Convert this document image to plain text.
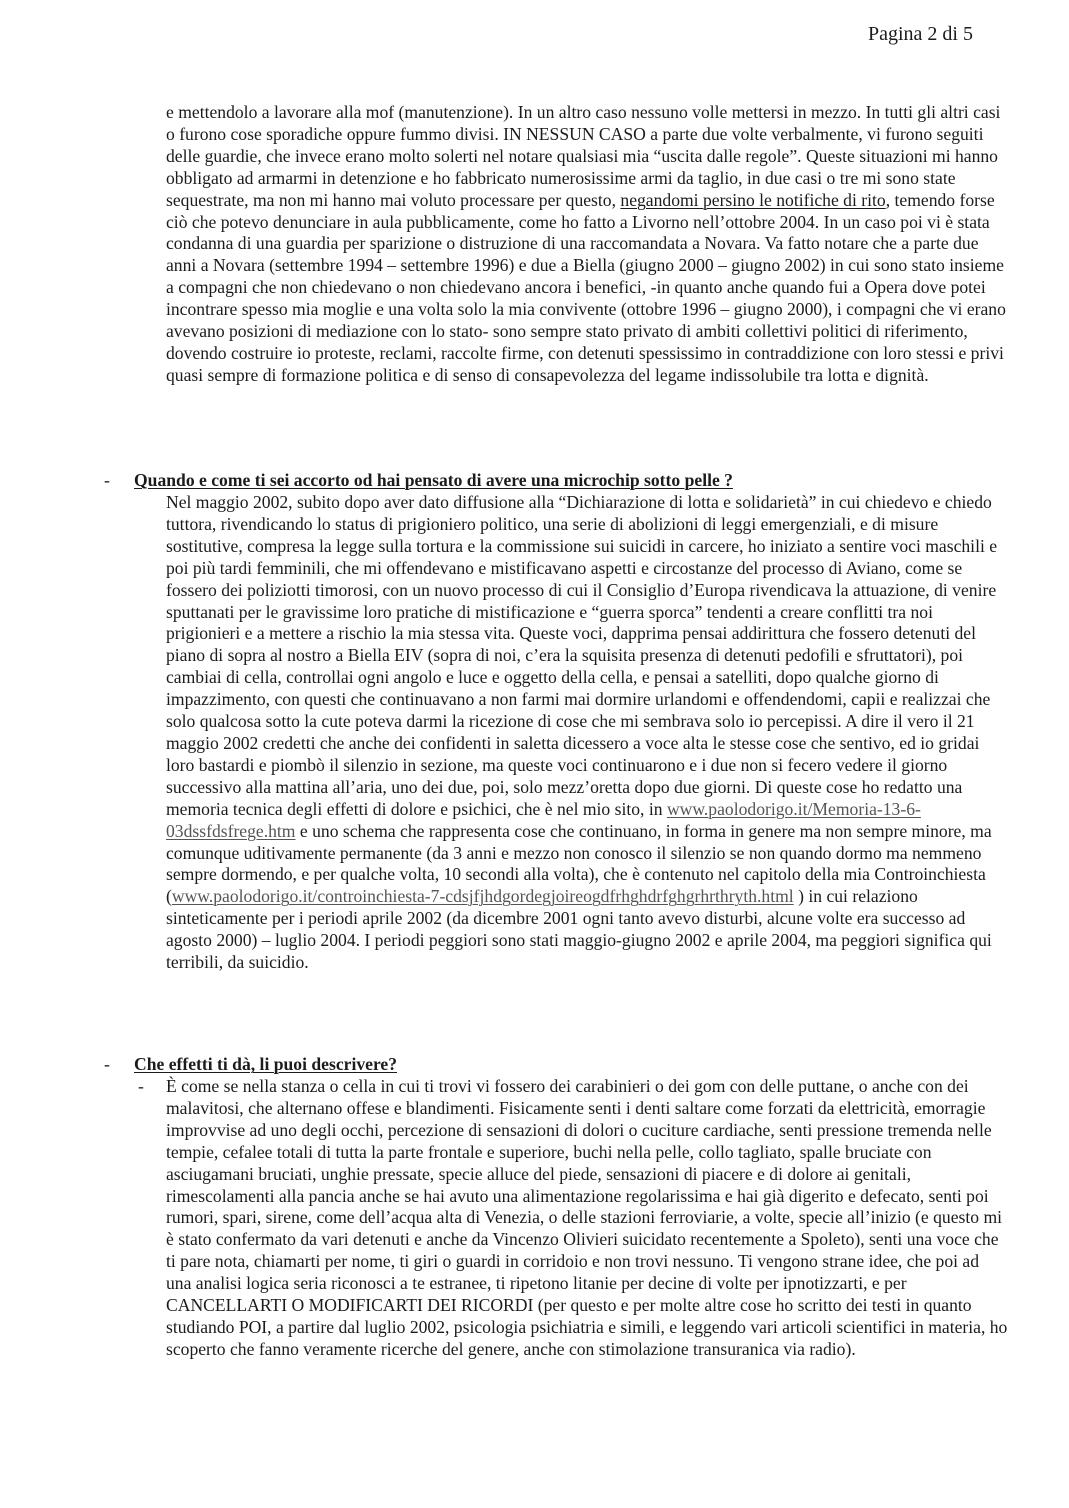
Pagina 2 di 5
e mettendolo a lavorare alla mof (manutenzione). In un altro caso nessuno volle mettersi in mezzo. In tutti gli altri casi o furono cose sporadiche oppure fummo divisi. IN NESSUN CASO a parte due volte verbalmente, vi furono seguiti delle guardie, che invece erano molto solerti nel notare qualsiasi mia “uscita dalle regole”. Queste situazioni mi hanno obbligato ad armarmi in detenzione e ho fabbricato numerosissime armi da taglio, in due casi o tre mi sono state sequestrate, ma non mi hanno mai voluto processare per questo, negandomi persino le notifiche di rito, temendo forse ciò che potevo denunciare in aula pubblicamente, come ho fatto a Livorno nell’ottobre 2004. In un caso poi vi è stata condanna di una guardia per sparizione o distruzione di una raccomandata a Novara. Va fatto notare che a parte due anni a Novara (settembre 1994 – settembre 1996) e due a Biella (giugno 2000 – giugno 2002) in cui sono stato insieme a compagni che non chiedevano o non chiedevano ancora i benefici, -in quanto anche quando fui a Opera dove potei incontrare spesso mia moglie e una volta solo la mia convivente (ottobre 1996 – giugno 2000), i compagni che vi erano avevano posizioni di mediazione con lo stato- sono sempre stato privato di ambiti collettivi politici di riferimento, dovendo costruire io proteste, reclami, raccolte firme, con detenuti spessissimo in contraddizione con loro stessi e privi quasi sempre di formazione politica e di senso di consapevolezza del legame indissolubile tra lotta e dignità.
- Quando e come ti sei accorto od hai pensato di avere una microchip sotto pelle ?
Nel maggio 2002, subito dopo aver dato diffusione alla “Dichiarazione di lotta e solidarietà” in cui chiedevo e chiedo tuttora, rivendicando lo status di prigioniero politico, una serie di abolizioni di leggi emergenziali, e di misure sostitutive, compresa la legge sulla tortura e la commissione sui suicidi in carcere, ho iniziato a sentire voci maschili e poi più tardi femminili, che mi offendevano e mistificavano aspetti e circostanze del processo di Aviano, come se fossero dei poliziotti timorosi, con un nuovo processo di cui il Consiglio d’Europa rivendicava la attuazione, di venire sputtanati per le gravissime loro pratiche di mistificazione e “guerra sporca” tendenti a creare conflitti tra noi prigionieri e a mettere a rischio la mia stessa vita. Queste voci, dapprima pensai addirittura che fossero detenuti del piano di sopra al nostro a Biella EIV (sopra di noi, c’era la squisita presenza di detenuti pedofili e sfruttatori), poi cambiai di cella, controllai ogni angolo e luce e oggetto della cella, e pensai a satelliti, dopo qualche giorno di impazzimento, con questi che continuavano a non farmi mai dormire urlandomi e offendendomi, capii e realizzai che solo qualcosa sotto la cute poteva darmi la ricezione di cose che mi sembrava solo io percepissi. A dire il vero il 21 maggio 2002 credetti che anche dei confidenti in saletta dicessero a voce alta le stesse cose che sentivo, ed io gridai loro bastardi e piombò il silenzio in sezione, ma queste voci continuarono e i due non si fecero vedere il giorno successivo alla mattina all’aria, uno dei due, poi, solo mezz’oretta dopo due giorni. Di queste cose ho redatto una memoria tecnica degli effetti di dolore e psichici, che è nel mio sito, in www.paolodorigo.it/Memoria-13-6-03dssfdsfrege.htm e uno schema che rappresenta cose che continuano, in forma in genere ma non sempre minore, ma comunque uditivamente permanente (da 3 anni e mezzo non conosco il silenzio se non quando dormo ma nemmeno sempre dormendo, e per qualche volta, 10 secondi alla volta), che è contenuto nel capitolo della mia Controinchiesta (www.paolodorigo.it/controinchiesta-7-cdsjfjhdgordegjoireogdfrhghdrfghgrhrthryth.html ) in cui relaziono sinteticamente per i periodi aprile 2002 (da dicembre 2001 ogni tanto avevo disturbi, alcune volte era successo ad agosto 2000) – luglio 2004. I periodi peggiori sono stati maggio-giugno 2002 e aprile 2004, ma peggiori significa qui terribili, da suicidio.
- Che effetti ti dà, li puoi descrivere?
- È come se nella stanza o cella in cui ti trovi vi fossero dei carabinieri o dei gom con delle puttane, o anche con dei malavitosi, che alternano offese e blandimenti. Fisicamente senti i denti saltare come forzati da elettricità, emorragie improvvise ad uno degli occhi, percezione di sensazioni di dolori o cuciture cardiache, senti pressione tremenda nelle tempie, cefalee totali di tutta la parte frontale e superiore, buchi nella pelle, collo tagliato, spalle bruciate con asciugamani bruciati, unghie pressate, specie alluce del piede, sensazioni di piacere e di dolore ai genitali, rimescolamenti alla pancia anche se hai avuto una alimentazione regolarissima e hai già digerito e defecato, senti poi rumori, spari, sirene, come dell’acqua alta di Venezia, o delle stazioni ferroviarie, a volte, specie all’inizio (e questo mi è stato confermato da vari detenuti e anche da Vincenzo Olivieri suicidato recentemente a Spoleto), senti una voce che ti pare nota, chiamarti per nome, ti giri o guardi in corridoio e non trovi nessuno. Ti vengono strane idee, che poi ad una analisi logica seria riconosci a te estranee, ti ripetono litanie per decine di volte per ipnotizzarti, e per CANCELLARTI O MODIFICARTI DEI RICORDI (per questo e per molte altre cose ho scritto dei testi in quanto studiando POI, a partire dal luglio 2002, psicologia psichiatria e simili, e leggendo vari articoli scientifici in materia, ho scoperto che fanno veramente ricerche del genere, anche con stimolazione transuranica via radio).
